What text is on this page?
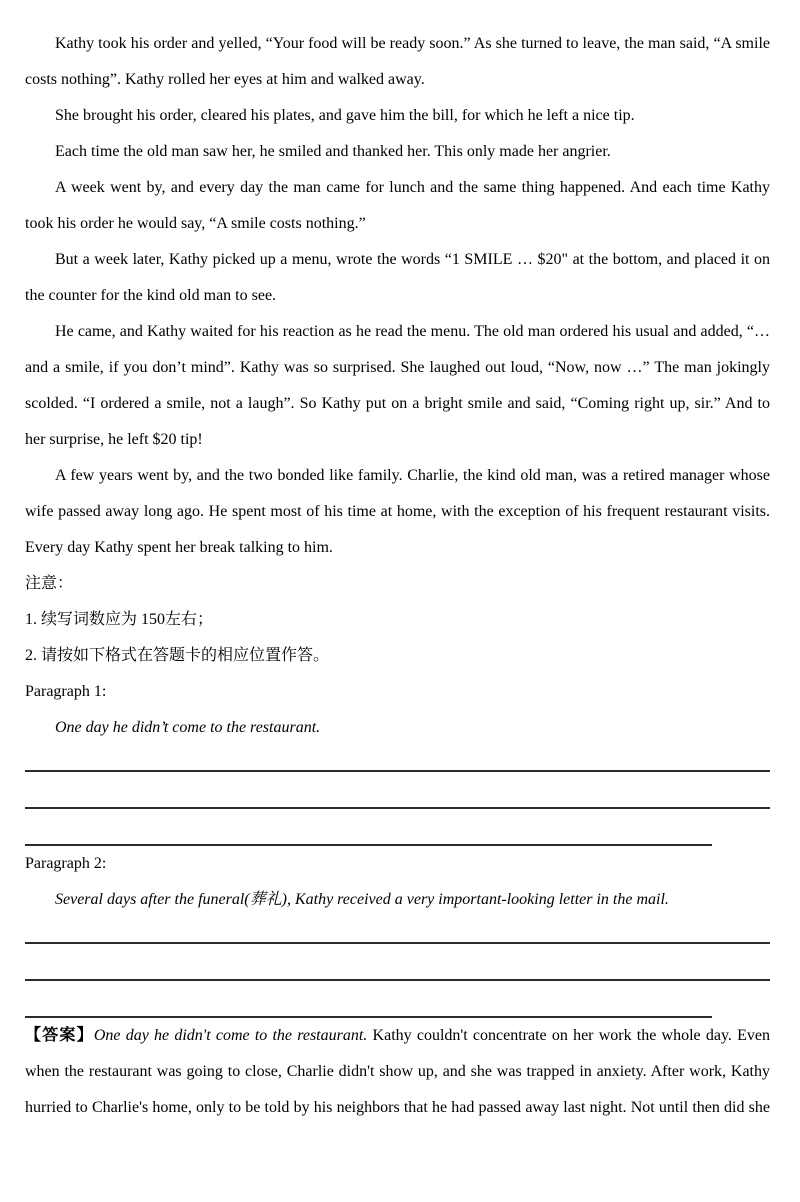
Kathy took his order and yelled, “Your food will be ready soon.” As she turned to leave, the man said, “A smile costs nothing”. Kathy rolled her eyes at him and walked away.

She brought his order, cleared his plates, and gave him the bill, for which he left a nice tip.

Each time the old man saw her, he smiled and thanked her. This only made her angrier.

A week went by, and every day the man came for lunch and the same thing happened. And each time Kathy took his order he would say, “A smile costs nothing.”

But a week later, Kathy picked up a menu, wrote the words “1 SMILE … $20" at the bottom, and placed it on the counter for the kind old man to see.

He came, and Kathy waited for his reaction as he read the menu. The old man ordered his usual and added, “… and a smile, if you don’t mind”. Kathy was so surprised. She laughed out loud, “Now, now …” The man jokingly scolded. “I ordered a smile, not a laugh”. So Kathy put on a bright smile and said, “Coming right up, sir.” And to her surprise, he left $20 tip!

A few years went by, and the two bonded like family. Charlie, the kind old man, was a retired manager whose wife passed away long ago. He spent most of his time at home, with the exception of his frequent restaurant visits. Every day Kathy spent her break talking to him.

注意：

1. 续写词数应为 150左右；

2. 请按如下格式在答题卡的相应位置作答。

Paragraph 1:

One day he didn’t come to the restaurant.

Paragraph 2:

Several days after the funeral(葬礼), Kathy received a very important-looking letter in the mail.

【答案】One day he didn't come to the restaurant. Kathy couldn't concentrate on her work the whole day. Even when the restaurant was going to close, Charlie didn't show up, and she was trapped in anxiety. After work, Kathy hurried to Charlie's home, only to be told by his neighbors that he had passed away last night. Not until then did she
